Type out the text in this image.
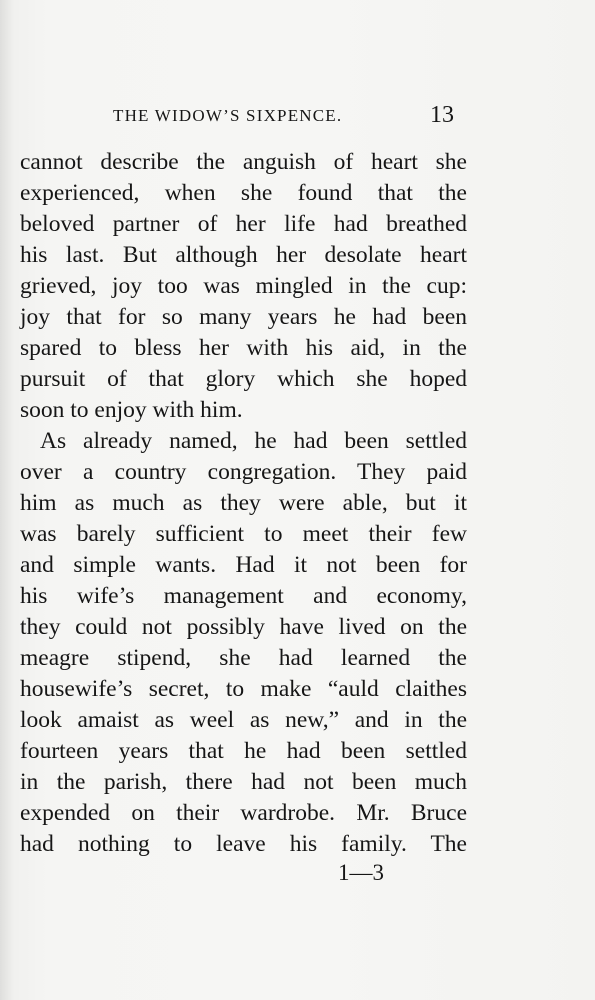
THE WIDOW’S SIXPENCE.	13
cannot describe the anguish of heart she
experienced, when she found that the
beloved partner of her life had breathed
his last. But although her desolate heart
grieved, joy too was mingled in the cup:
joy that for so many years he had been
spared to bless her with his aid, in the
pursuit of that glory which she hoped
soon to enjoy with him.
As already named, he had been settled
over a country congregation. They paid
him as much as they were able, but it
was barely sufficient to meet their few
and simple wants. Had it not been for
his wife’s management and economy,
they could not possibly have lived on the
meagre stipend, she had learned the
housewife’s secret, to make “auld claithes
look amaist as weel as new,” and in the
fourteen years that he had been settled
in the parish, there had not been much
expended on their wardrobe. Mr. Bruce
had nothing to leave his family. The
1—3
